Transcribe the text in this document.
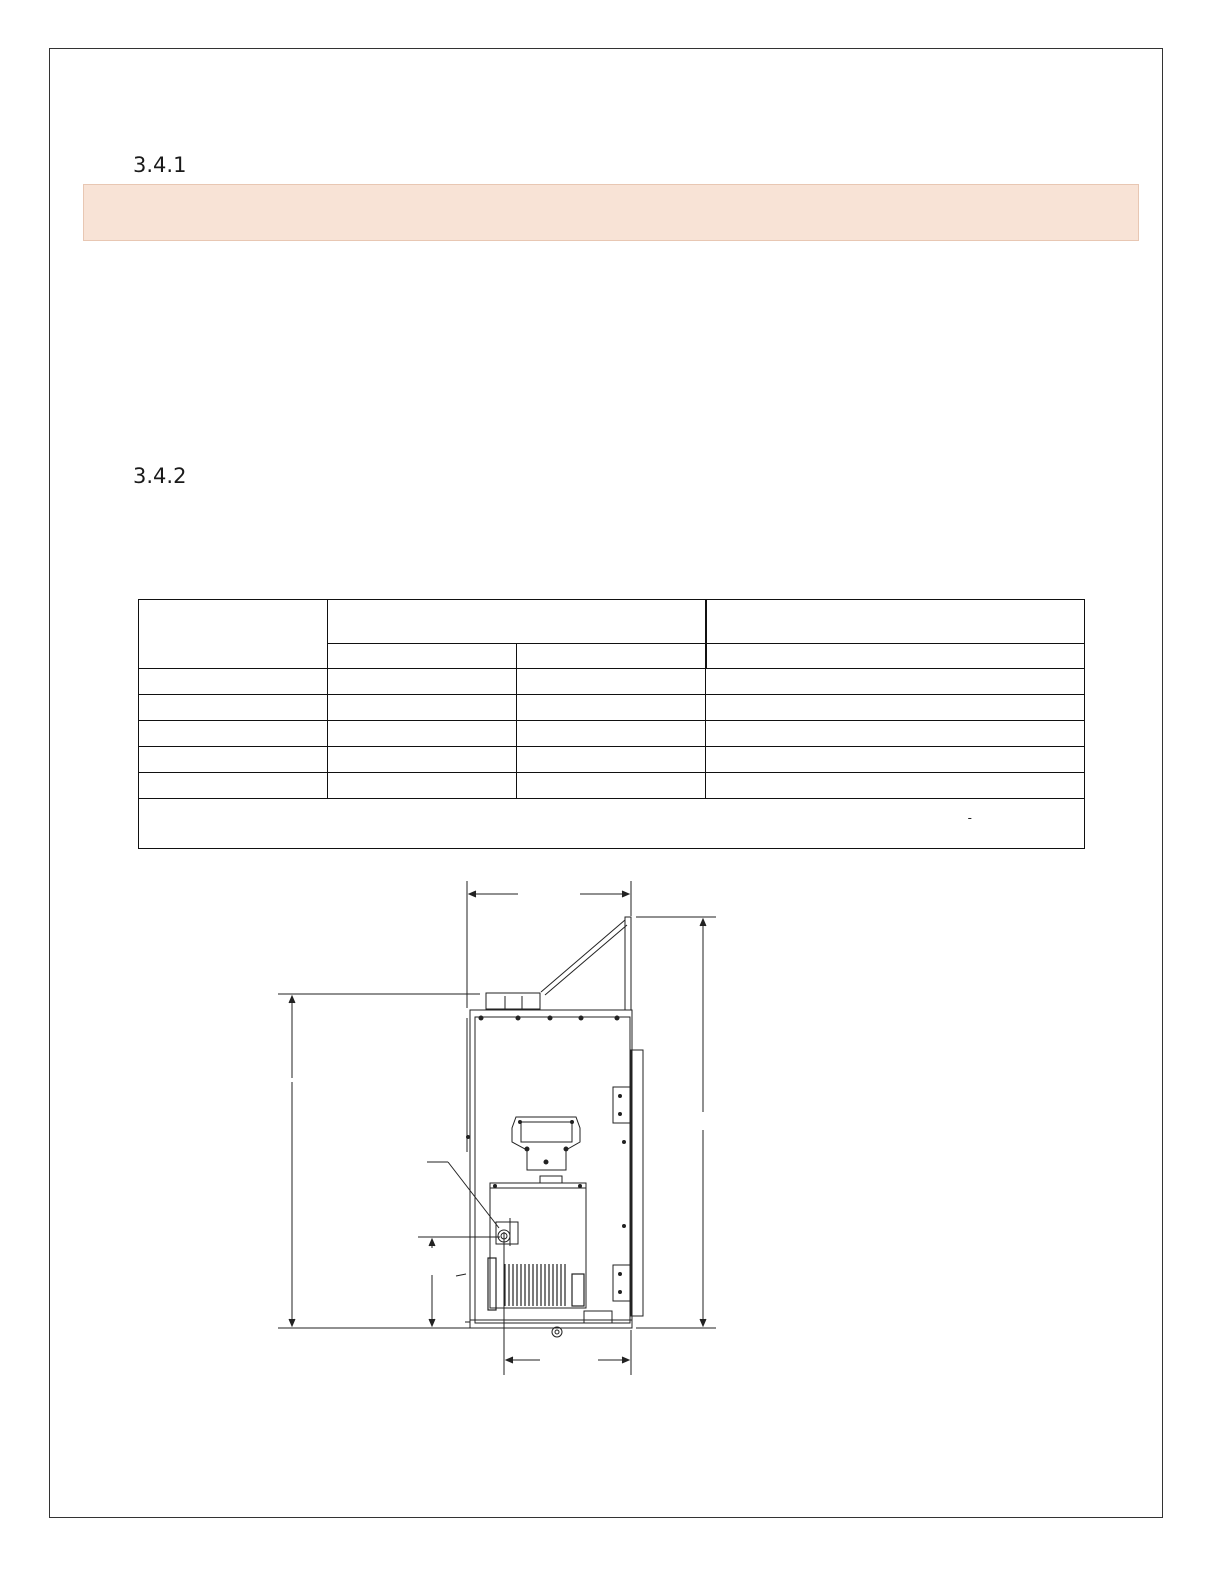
3.4.1
3.4.2

-			
